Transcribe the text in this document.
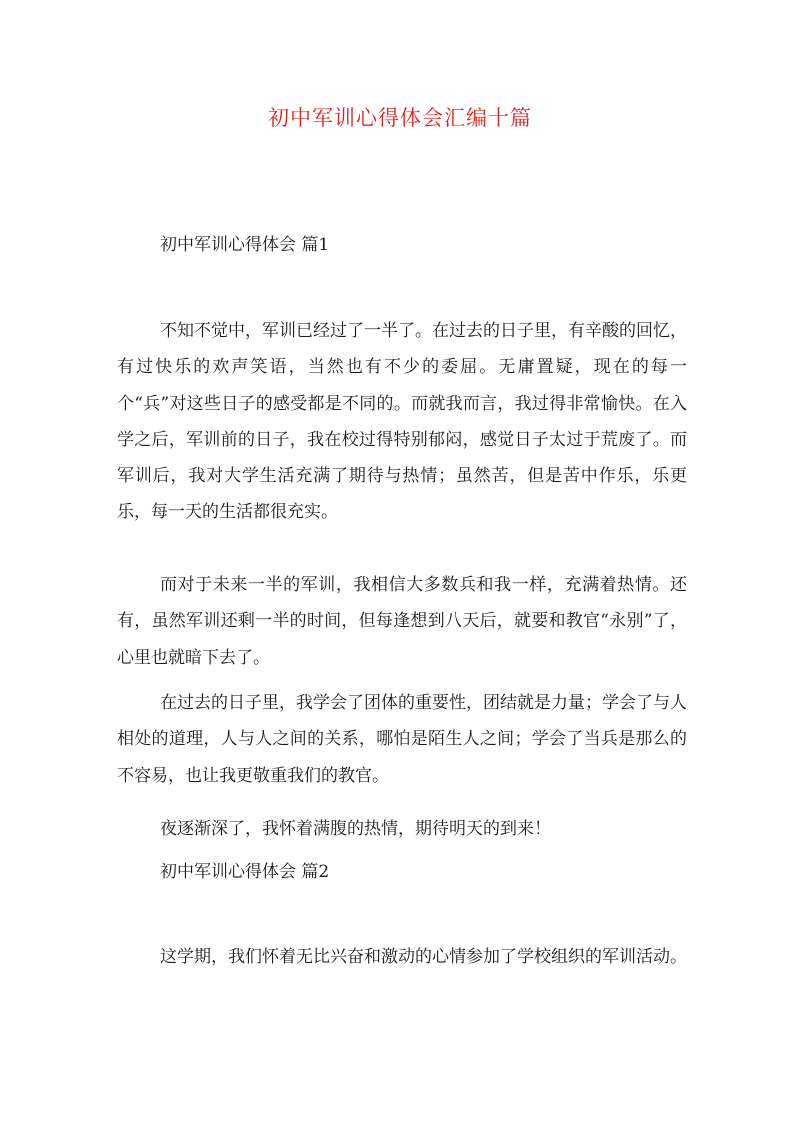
初中军训心得体会汇编十篇
初中军训心得体会 篇1

不知不觉中，军训已经过了一半了。在过去的日子里，有辛酸的回忆，有过快乐的欢声笑语，当然也有不少的委屈。无庸置疑，现在的每一个“兵”对这些日子的感受都是不同的。而就我而言，我过得非常愉快。在入学之后，军训前的日子，我在校过得特别郁闷，感觉日子太过于荒废了。而军训后，我对大学生活充满了期待与热情；虽然苦，但是苦中作乐，乐更乐，每一天的生活都很充实。

而对于未来一半的军训，我相信大多数兵和我一样，充满着热情。还有，虽然军训还剩一半的时间，但每逢想到八天后，就要和教官“永别”了，心里也就暗下去了。

在过去的日子里，我学会了团体的重要性，团结就是力量；学会了与人相处的道理，人与人之间的关系，哪怕是陌生人之间；学会了当兵是那么的不容易，也让我更敬重我们的教官。

夜逐渐深了，我怀着满腹的热情，期待明天的到来！

初中军训心得体会 篇2

这学期，我们怀着无比兴奋和激动的心情参加了学校组织的军训活动。
